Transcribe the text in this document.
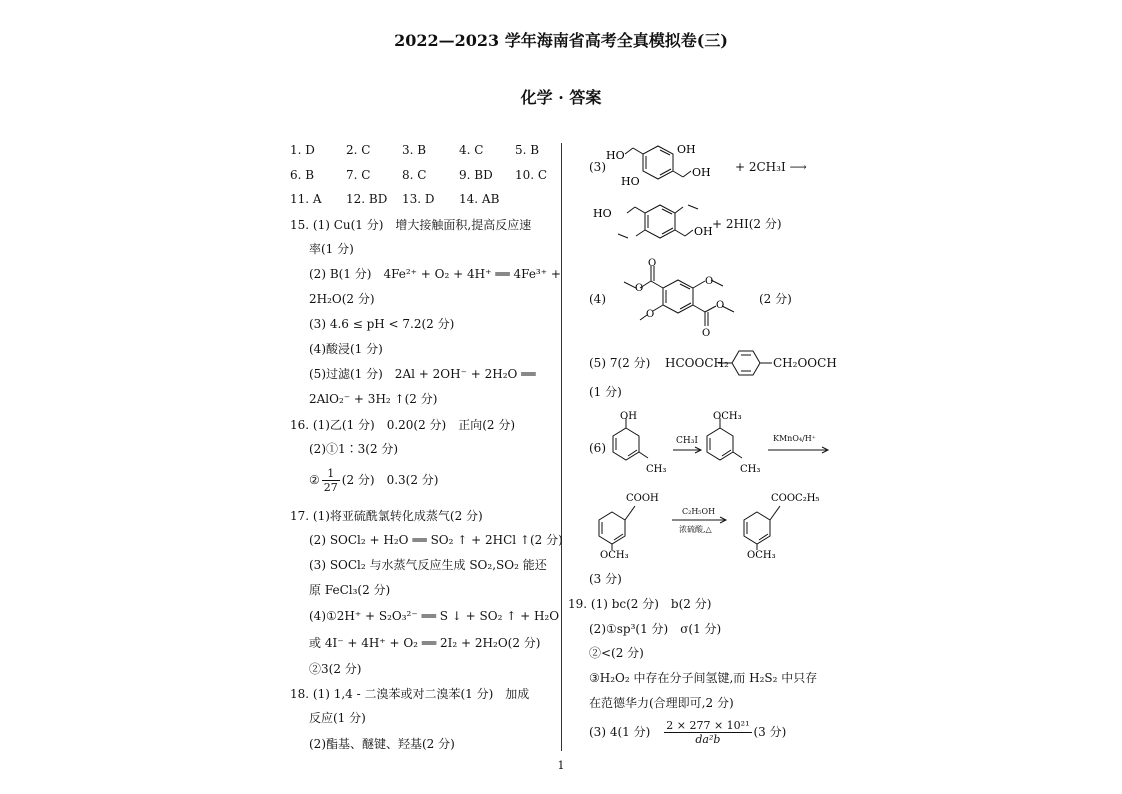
2022—2023 学年海南省高考全真模拟卷(三)
化学 · 答案
1. D	2. C	3. B	4. C	5. B
6. B	7. C	8. C	9. BD 10. C
11. A 12. BD 13. D 14. AB
15. (1) Cu(1 分)　增大接触面积,提高反应速
率(1 分)
(2) B(1 分)　4Fe²⁺ + O₂ + 4H⁺ ══ 4Fe³⁺ +
2H₂O(2 分)
(3) 4.6 ≤ pH < 7.2(2 分)
(4)酸浸(1 分)
(5)过滤(1 分)　2Al + 2OH⁻ + 2H₂O ══
2AlO₂⁻ + 3H₂ ↑(2 分)
16. (1)乙(1 分)　0.20(2 分)　正向(2 分)
(2)①1∶3(2 分)
② $\frac{1}{27} (2$ 分)　0.3(2 分)
17. (1)将亚硫酰氯转化成蒸气(2 分)
(2) SOCl₂ + H₂O ══ SO₂ ↑ + 2HCl ↑(2 分)
(3) SOCl₂ 与水蒸气反应生成 SO₂,SO₂ 能还
原 FeCl₃(2 分)
(4)①2H⁺ + S₂O₃²⁻ ══ S ↓ + SO₂ ↑ + H₂O
或 4I⁻ + 4H⁺ + O₂ ══ 2I₂ + 2H₂O(2 分)
②3(2 分)
18. (1) 1,4 - 二溴苯或对二溴苯(1 分)　加成
反应(1 分)
(2)酯基、醚键、羟基(2 分)
(3)
HO	OH
HO
OH + 2CH₃I ⟶
HO
OH
+ 2HI(2 分)
(4)
O
O
O
O
O
O	(2 分)
(5) 7(2 分) HCOOCH₂	CH₂OOCH
(1 分)
(6)
OH
CH₃
CH₃I
OCH₃
CH₃
KMnO₄/H⁺
COOH
OCH₃
C₂H₅OH
浓硫酸,△
COOC₂H₅
OCH₃
(3 分)
19. (1) bc(2 分)　b(2 分)
(2)①sp³(1 分)　σ(1 分)
②<(2 分)
③H₂O₂ 中存在分子间氢键,而 H₂S₂ 中只存
在范德华力(合理即可,2 分)
(3) 4(1 分) $\frac{\text{2 × 277 × 10²¹}}{\text{da²b}} (3$ 分)
1
